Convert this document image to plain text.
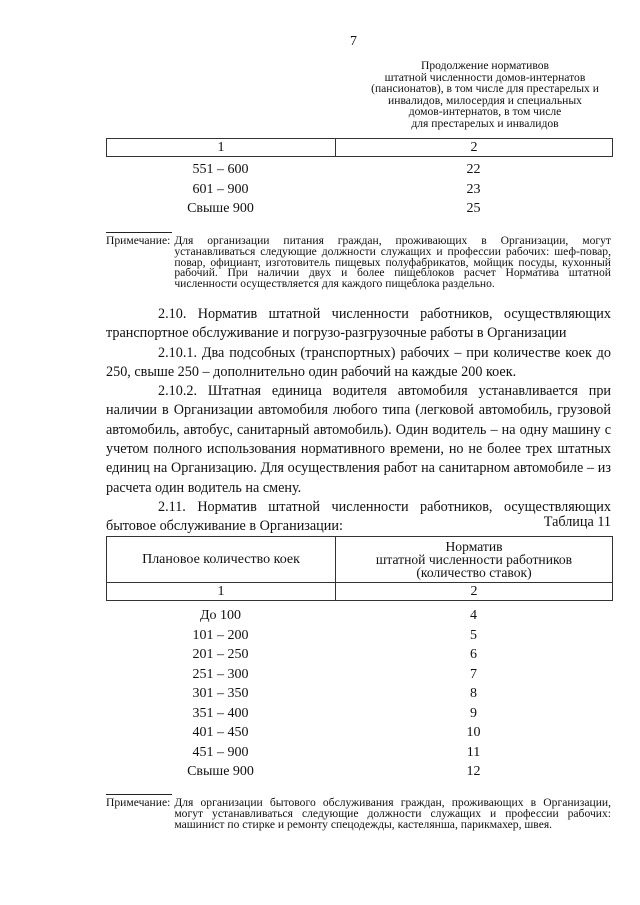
7
Продолжение нормативов
штатной численности домов-интернатов
(пансионатов), в том числе для престарелых и
инвалидов, милосердия и специальных
домов-интернатов, в том числе
для престарелых и инвалидов
1	2
551 – 600	22
601 – 900	23
Свыше 900	25
Примечание: Для организации питания граждан, проживающих в Организации, могут устанавливаться следующие должности служащих и профессии рабочих: шеф-повар, повар, официант, изготовитель пищевых полуфабрикатов, мойщик посуды, кухонный рабочий. При наличии двух и более пищеблоков расчет Норматива штатной численности осуществляется для каждого пищеблока раздельно.

2.10. Норматив штатной численности работников, осуществляющих транспортное обслуживание и погрузо-разгрузочные работы в Организации

2.10.1. Два подсобных (транспортных) рабочих – при количестве коек до 250, свыше 250 – дополнительно один рабочий на каждые 200 коек.

2.10.2. Штатная единица водителя автомобиля устанавливается при наличии в Организации автомобиля любого типа (легковой автомобиль, грузовой автомобиль, автобус, санитарный автомобиль). Один водитель – на одну машину с учетом полного использования нормативного времени, но не более трех штатных единиц на Организацию. Для осуществления работ на санитарном автомобиле – из расчета один водитель на смену.

2.11. Норматив штатной численности работников, осуществляющих бытовое обслуживание в Организации:	Таблица 11
Плановое количество коек	Норматив
штатной численности работников
(количество ставок)

1	2
До 100	4
101 – 200	5
201 – 250	6
251 – 300	7
301 – 350	8
351 – 400	9
401 – 450	10
451 – 900	11
Свыше 900	12
Примечание: Для организации бытового обслуживания граждан, проживающих в Организации, могут устанавливаться следующие должности служащих и профессии рабочих: машинист по стирке и ремонту спецодежды, кастелянша, парикмахер, швея.
